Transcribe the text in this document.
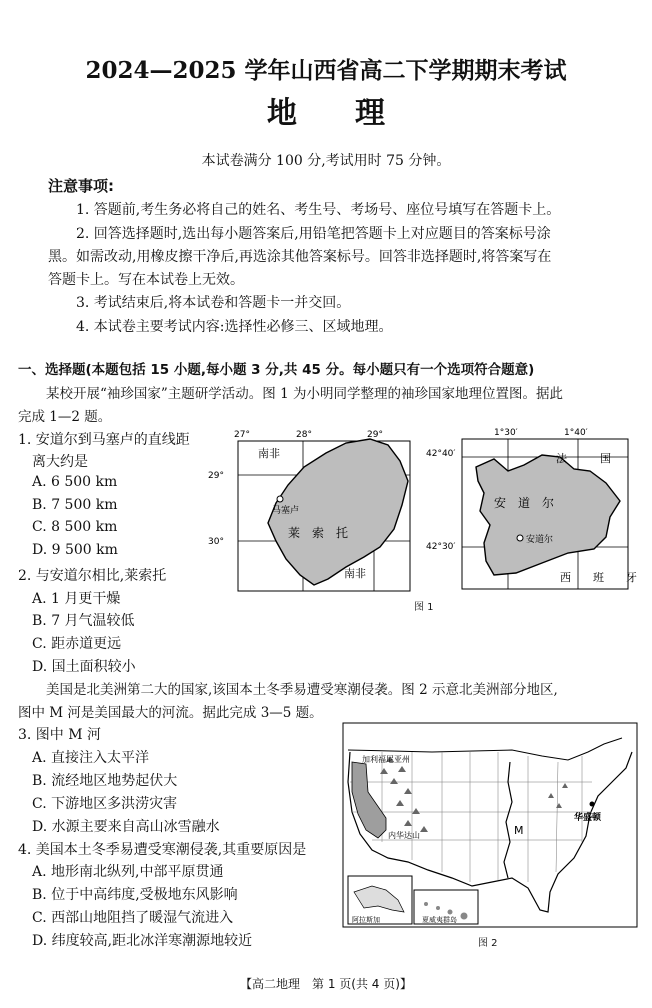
2024—2025 学年山西省高二下学期期末考试
地理
本试卷满分 100 分,考试用时 75 分钟。
注意事项:
1. 答题前,考生务必将自己的姓名、考生号、考场号、座位号填写在答题卡上。
2. 回答选择题时,选出每小题答案后,用铅笔把答题卡上对应题目的答案标号涂
黑。如需改动,用橡皮擦干净后,再选涂其他答案标号。回答非选择题时,将答案写在
答题卡上。写在本试卷上无效。
3. 考试结束后,将本试卷和答题卡一并交回。
4. 本试卷主要考试内容:选择性必修三、区域地理。
一、选择题(本题包括 15 小题,每小题 3 分,共 45 分。每小题只有一个选项符合题意)
某校开展“袖珍国家”主题研学活动。图 1 为小明同学整理的袖珍国家地理位置图。据此
完成 1—2 题。
1. 安道尔到马塞卢的直线距
离大约是
A. 6 500 km
B. 7 500 km
C. 8 500 km
D. 9 500 km
2. 与安道尔相比,莱索托
A. 1 月更干燥
B. 7 月气温较低
C. 距赤道更远
D. 国土面积较小
美国是北美洲第二大的国家,该国本土冬季易遭受寒潮侵袭。图 2 示意北美洲部分地区,
图中 M 河是美国最大的河流。据此完成 3—5 题。
3. 图中 M 河
A. 直接注入太平洋
B. 流经地区地势起伏大
C. 下游地区多洪涝灾害
D. 水源主要来自高山冰雪融水
4. 美国本土冬季易遭受寒潮侵袭,其重要原因是
A. 地形南北纵列,中部平原贯通
B. 位于中高纬度,受极地东风影响
C. 西部山地阻挡了暖湿气流进入
D. 纬度较高,距北冰洋寒潮源地较近
27°	28°	29°
29°
30°
南非
南非
马塞卢
莱　索　托
1°30′	1°40′
42°40′
42°30′
法	国
安　道　尔
安道尔
西　　班　　牙
图 1
加利福尼亚州
华盛顿
M
内华达山
阿拉斯加	夏威夷群岛
图 2
【高二地理　第 1 页(共 4 页)】
